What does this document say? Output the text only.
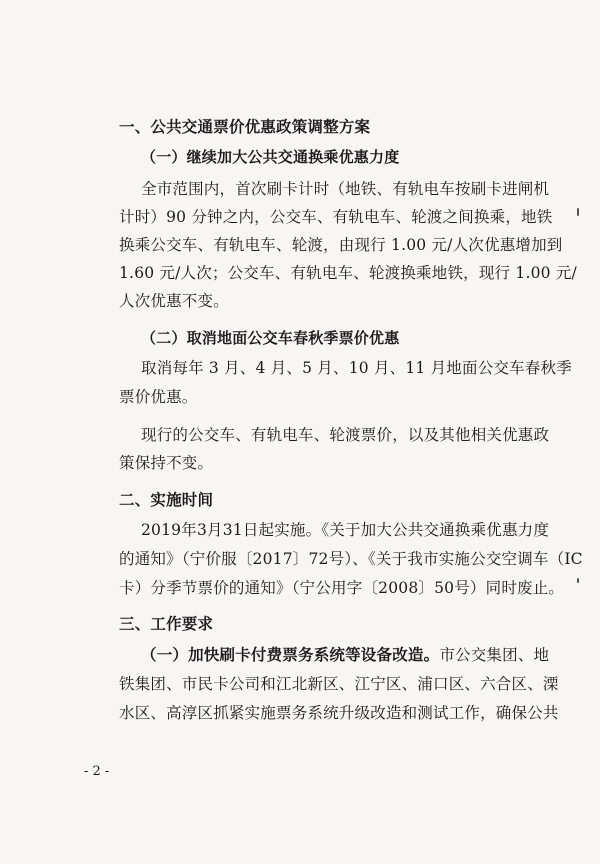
一、公共交通票价优惠政策调整方案
（一）继续加大公共交通换乘优惠力度
全市范围内，首次刷卡计时（地铁、有轨电车按刷卡进闸机
计时）90 分钟之内，公交车、有轨电车、轮渡之间换乘，地铁
换乘公交车、有轨电车、轮渡，由现行 1.00 元/人次优惠增加到
1.60 元/人次；公交车、有轨电车、轮渡换乘地铁，现行 1.00 元/
人次优惠不变。
（二）取消地面公交车春秋季票价优惠
取消每年 3 月、4 月、5 月、10 月、11 月地面公交车春秋季
票价优惠。
现行的公交车、有轨电车、轮渡票价，以及其他相关优惠政
策保持不变。
二、实施时间
2019年3月31日起实施。《关于加大公共交通换乘优惠力度
的通知》（宁价服〔2017〕72号）、《关于我市实施公交空调车（IC
卡）分季节票价的通知》（宁公用字〔2008〕50号）同时废止。
三、工作要求
（一）加快刷卡付费票务系统等设备改造。市公交集团、地
铁集团、市民卡公司和江北新区、江宁区、浦口区、六合区、溧
水区、高淳区抓紧实施票务系统升级改造和测试工作，确保公共
- 2 -
